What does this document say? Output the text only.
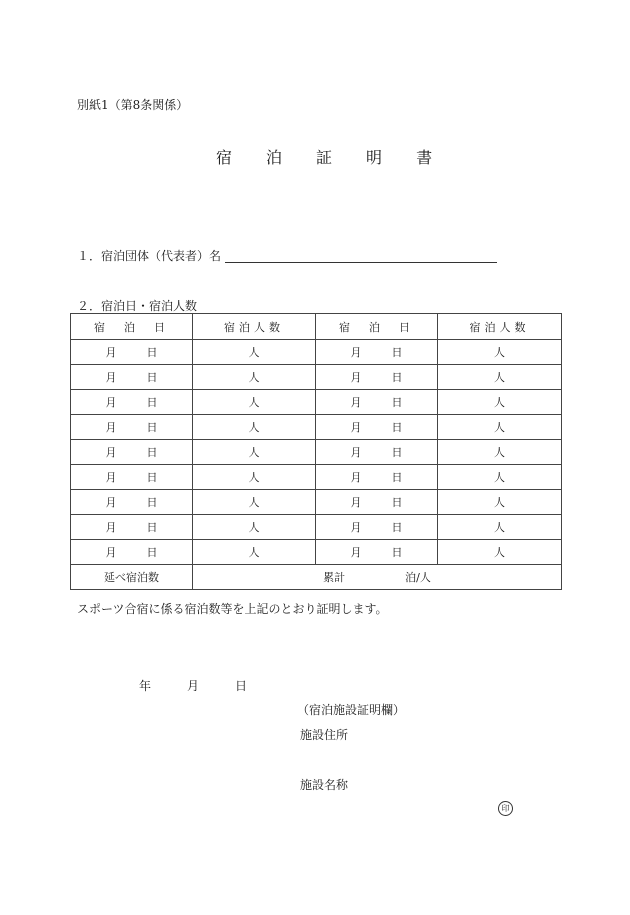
別紙1（第8条関係）
宿 泊 証 明 書
１．宿泊団体（代表者）名
２．宿泊日・宿泊人数
宿　泊　日	宿泊人数	宿　泊　日	宿泊人数
月 日	人	月 日	人
月 日	人	月 日	人
月 日	人	月 日	人
月 日	人	月 日	人
月 日	人	月 日	人
月 日	人	月 日	人
月 日	人	月 日	人
月 日	人	月 日	人
月 日	人	月 日	人
延べ宿泊数	累計 泊/人		
スポーツ合宿に係る宿泊数等を上記のとおり証明します。
年	月	日
（宿泊施設証明欄）
施設住所
施設名称
印
